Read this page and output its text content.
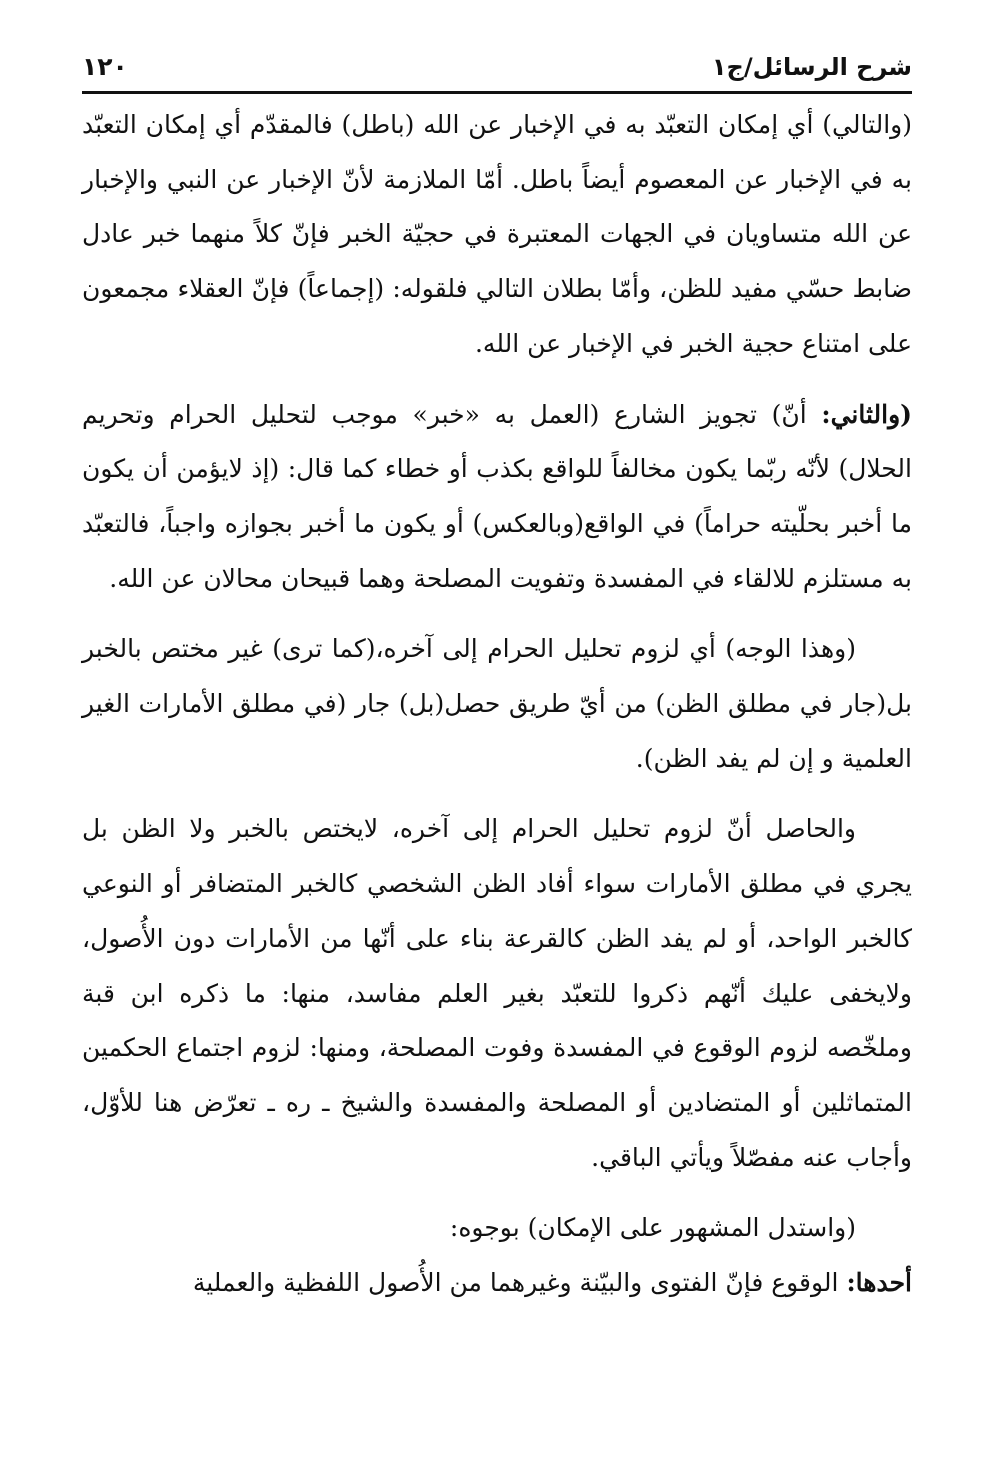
١٢٠	شرح الرسائل/ج١

(والتالي) أي إمكان التعبّد به في الإخبار عن الله (باطل) فالمقدّم أي إمكان التعبّد به في الإخبار عن المعصوم أيضاً باطل. أمّا الملازمة لأنّ الإخبار عن النبي والإخبار عن الله متساويان في الجهات المعتبرة في حجيّة الخبر فإنّ كلاً منهما خبر عادل ضابط حسّي مفيد للظن، وأمّا بطلان التالي فلقوله: (إجماعاً) فإنّ العقلاء مجمعون على امتناع حجية الخبر في الإخبار عن الله.

(والثاني: أنّ) تجويز الشارع (العمل به «خبر» موجب لتحليل الحرام وتحريم الحلال) لأنّه ربّما يكون مخالفاً للواقع بكذب أو خطاء كما قال: (إذ لايؤمن أن يكون ما أخبر بحلّيته حراماً) في الواقع(وبالعكس) أو يكون ما أخبر بجوازه واجباً، فالتعبّد به مستلزم للالقاء في المفسدة وتفويت المصلحة وهما قبيحان محالان عن الله.

(وهذا الوجه) أي لزوم تحليل الحرام إلى آخره،(كما ترى) غير مختص بالخبر بل(جار في مطلق الظن) من أيّ طريق حصل(بل) جار (في مطلق الأمارات الغير العلمية و إن لم يفد الظن).

والحاصل أنّ لزوم تحليل الحرام إلى آخره، لايختص بالخبر ولا الظن بل يجري في مطلق الأمارات سواء أفاد الظن الشخصي كالخبر المتضافر أو النوعي كالخبر الواحد، أو لم يفد الظن كالقرعة بناء على أنّها من الأمارات دون الأُصول، ولايخفى عليك أنّهم ذكروا للتعبّد بغير العلم مفاسد، منها: ما ذكره ابن قبة وملخّصه لزوم الوقوع في المفسدة وفوت المصلحة، ومنها: لزوم اجتماع الحكمين المتماثلين أو المتضادين أو المصلحة والمفسدة والشيخ ـ ره ـ تعرّض هنا للأوّل، وأجاب عنه مفصّلاً ويأتي الباقي.

(واستدل المشهور على الإمكان) بوجوه:

أحدها: الوقوع فإنّ الفتوى والبيّنة وغيرهما من الأُصول اللفظية والعملية
